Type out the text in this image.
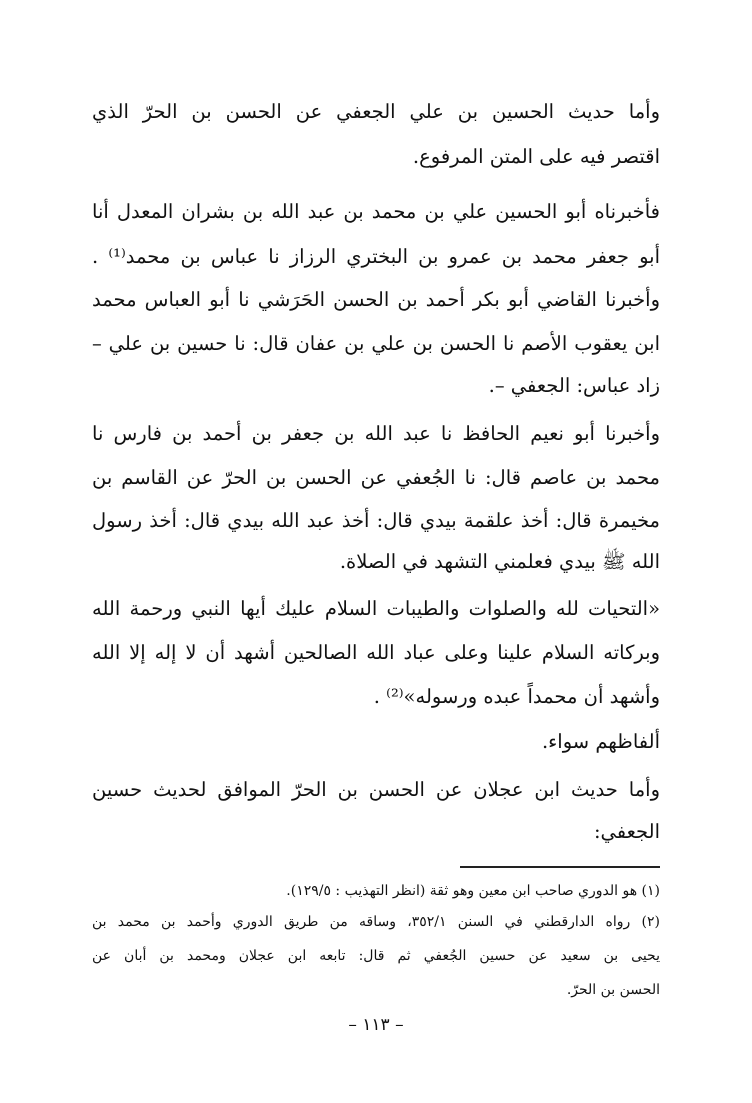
وأما حديث الحسين بن علي الجعفي عن الحسن بن الحرّ الذي
اقتصر فيه على المتن المرفوع.
فأخبرناه أبو الحسين علي بن محمد بن عبد الله بن بشران المعدل أنا
أبو جعفر محمد بن عمرو بن البختري الرزاز نا عباس بن محمد⁽¹⁾ .
وأخبرنا القاضي أبو بكر أحمد بن الحسن الحَرَشي نا أبو العباس محمد
ابن يعقوب الأصم نا الحسن بن علي بن عفان قال: نا حسين بن علي –
زاد عباس: الجعفي –.
وأخبرنا أبو نعيم الحافظ نا عبد الله بن جعفر بن أحمد بن فارس نا
محمد بن عاصم قال: نا الجُعفي عن الحسن بن الحرّ عن القاسم بن
مخيمرة قال: أخذ علقمة بيدي قال: أخذ عبد الله بيدي قال: أخذ رسول
الله ﷺ بيدي فعلمني التشهد في الصلاة.
«التحيات لله والصلوات والطيبات السلام عليك أيها النبي ورحمة الله
وبركاته السلام علينا وعلى عباد الله الصالحين أشهد أن لا إله إلا الله
وأشهد أن محمداً عبده ورسوله»⁽²⁾ .
ألفاظهم سواء.
وأما حديث ابن عجلان عن الحسن بن الحرّ الموافق لحديث حسين
الجعفي:
(١) هو الدوري صاحب ابن معين وهو ثقة (انظر التهذيب : ١٢٩/٥).
(٢) رواه الدارقطني في السنن ٣٥٢/١، وساقه من طريق الدوري وأحمد بن محمد بن
يحيى بن سعيد عن حسين الجُعفي ثم قال: تابعه ابن عجلان ومحمد بن أبان عن
الحسن بن الحرّ.
– ١١٣ –
